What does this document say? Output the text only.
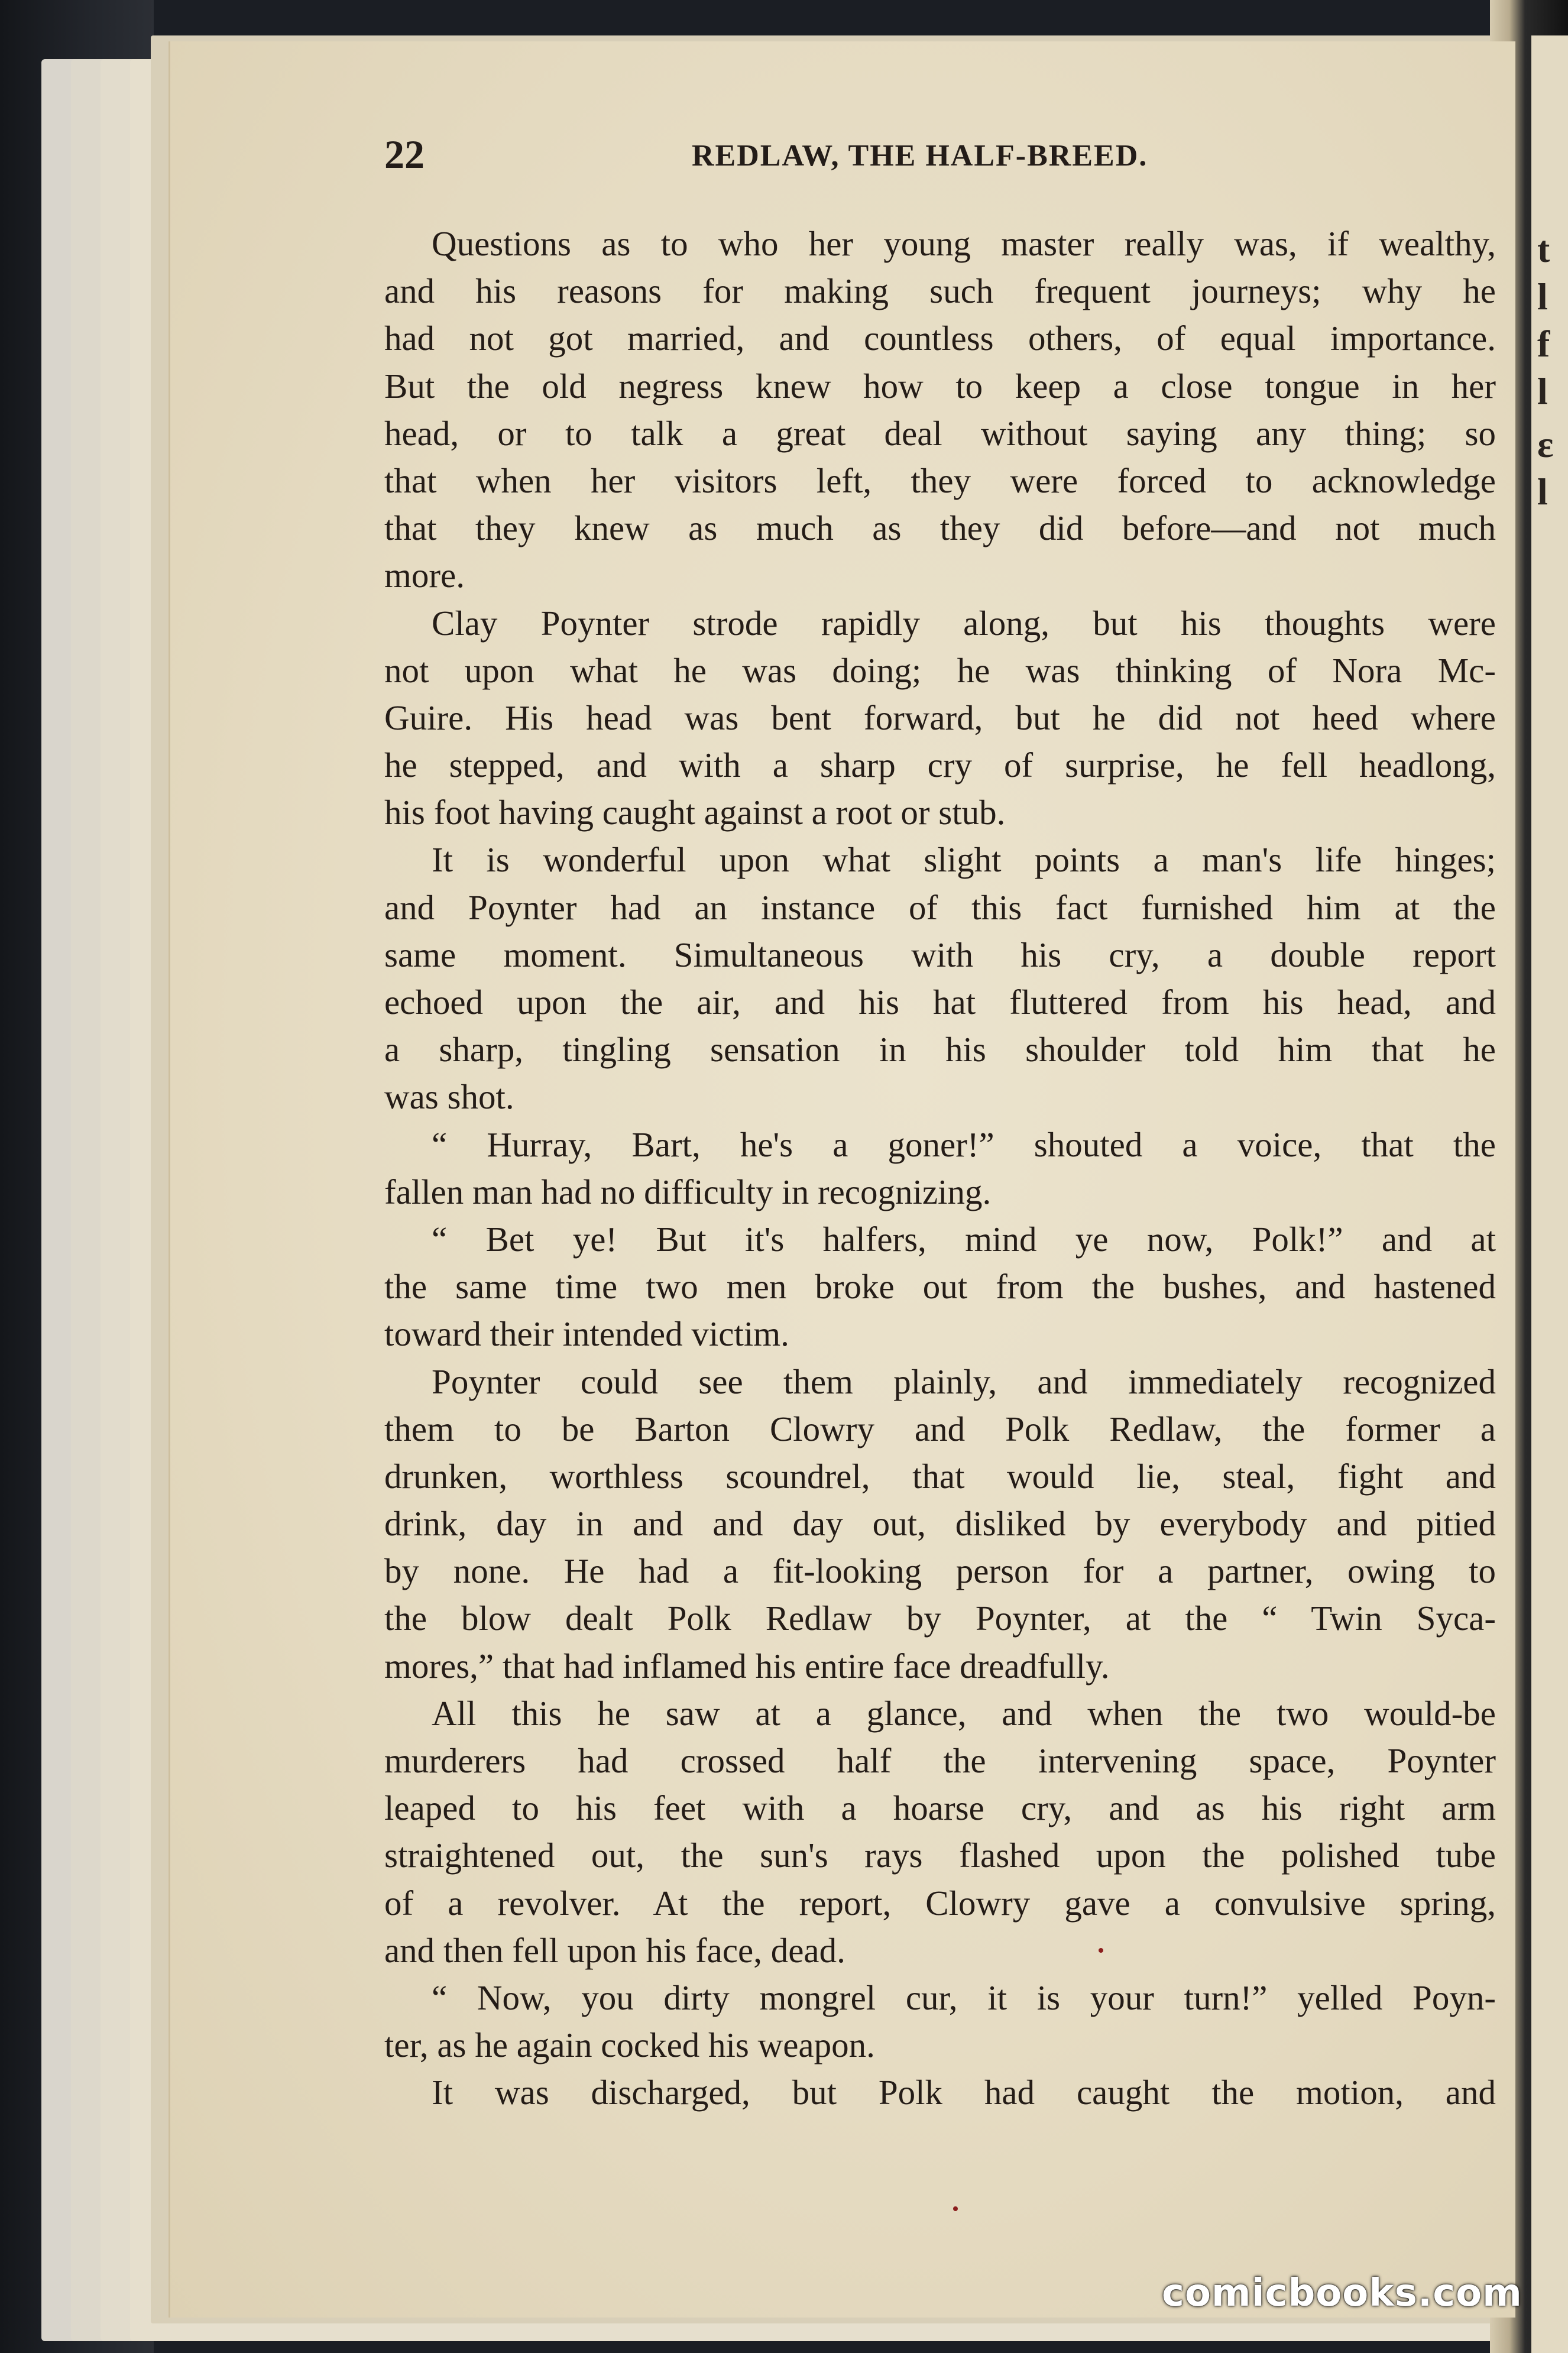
t
l
f
l
ε
l
22	REDLAW, THE HALF-BREED.
Questions as to who her young master really was, if wealthy,
and his reasons for making such frequent journeys; why he
had not got married, and countless others, of equal importance.
But the old negress knew how to keep a close tongue in her
head, or to talk a great deal without saying any thing; so
that when her visitors left, they were forced to acknowledge
that they knew as much as they did before—and not much
more.
Clay Poynter strode rapidly along, but his thoughts were
not upon what he was doing; he was thinking of Nora Mc-
Guire. His head was bent forward, but he did not heed where
he stepped, and with a sharp cry of surprise, he fell headlong,
his foot having caught against a root or stub.
It is wonderful upon what slight points a man's life hinges;
and Poynter had an instance of this fact furnished him at the
same moment. Simultaneous with his cry, a double report
echoed upon the air, and his hat fluttered from his head, and
a sharp, tingling sensation in his shoulder told him that he
was shot.
“ Hurray, Bart, he's a goner!” shouted a voice, that the
fallen man had no difficulty in recognizing.
“ Bet ye! But it's halfers, mind ye now, Polk!” and at
the same time two men broke out from the bushes, and hastened
toward their intended victim.
Poynter could see them plainly, and immediately recognized
them to be Barton Clowry and Polk Redlaw, the former a
drunken, worthless scoundrel, that would lie, steal, fight and
drink, day in and and day out, disliked by everybody and pitied
by none. He had a fit-looking person for a partner, owing to
the blow dealt Polk Redlaw by Poynter, at the “ Twin Syca-
mores,” that had inflamed his entire face dreadfully.
All this he saw at a glance, and when the two would-be
murderers had crossed half the intervening space, Poynter
leaped to his feet with a hoarse cry, and as his right arm
straightened out, the sun's rays flashed upon the polished tube
of a revolver. At the report, Clowry gave a convulsive spring,
and then fell upon his face, dead.
“ Now, you dirty mongrel cur, it is your turn!” yelled Poyn-
ter, as he again cocked his weapon.
It was discharged, but Polk had caught the motion, and
comicbooks.com
